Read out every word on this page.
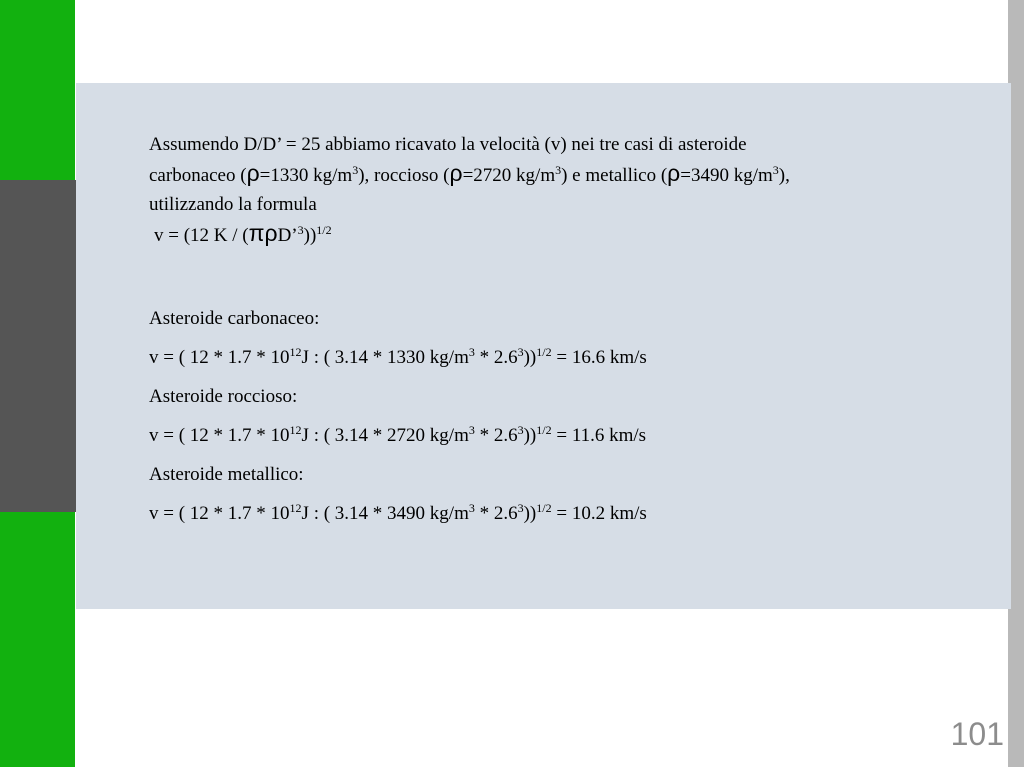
Assumendo D/D’ = 25 abbiamo ricavato la velocità (v) nei tre casi di asteroide
carbonaceo (ρ=1330 $kg/m^3$), roccioso (ρ=2720 $kg/m^3$) e metallico (ρ=3490 $kg/m^3$),
utilizzando la formula

v = (12 K / (πρD’$^3$))$^{1/2}$

Asteroide carbonaceo:

v = ( $12 * 1.7 * 10^{12}J$ : ( 3.14 * 1330 $kg/m^3 * 2.6^3))^{1/2} = 16.6$ km/s

Asteroide roccioso:

v = ( $12 * 1.7 * 10^{12}J$ : ( 3.14 * 2720 $kg/m^3 * 2.6^3))^{1/2} = 11.6$ km/s

Asteroide metallico:

v = ( $12 * 1.7 * 10^{12}J$ : ( 3.14 * 3490 $kg/m^3 * 2.6^3))^{1/2} = 10.2$ km/s

101
